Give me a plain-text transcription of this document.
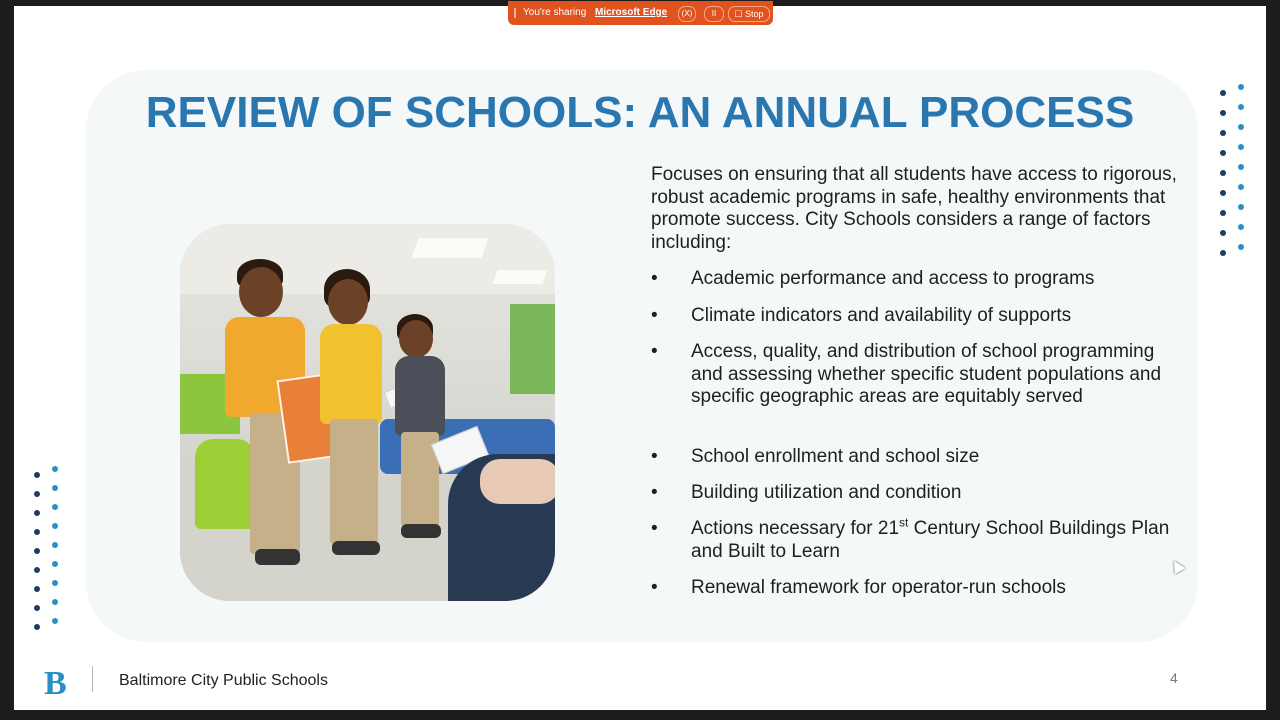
You're sharing Microsoft Edge	(X)	II	☐ Stop
REVIEW OF SCHOOLS: AN ANNUAL PROCESS

Focuses on ensuring that all students have access to rigorous, robust academic programs in safe, healthy environments that promote success. City Schools considers a range of factors including:

•	Academic performance and access to programs
•	Climate indicators and availability of supports
•	Access, quality, and distribution of school programming and assessing whether specific student populations and specific geographic areas are equitably served
•	School enrollment and school size
•	Building utilization and condition
•	Actions necessary for 21st Century School Buildings Plan and Built to Learn
•	Renewal framework for operator-run schools
B	Baltimore City Public Schools	4
